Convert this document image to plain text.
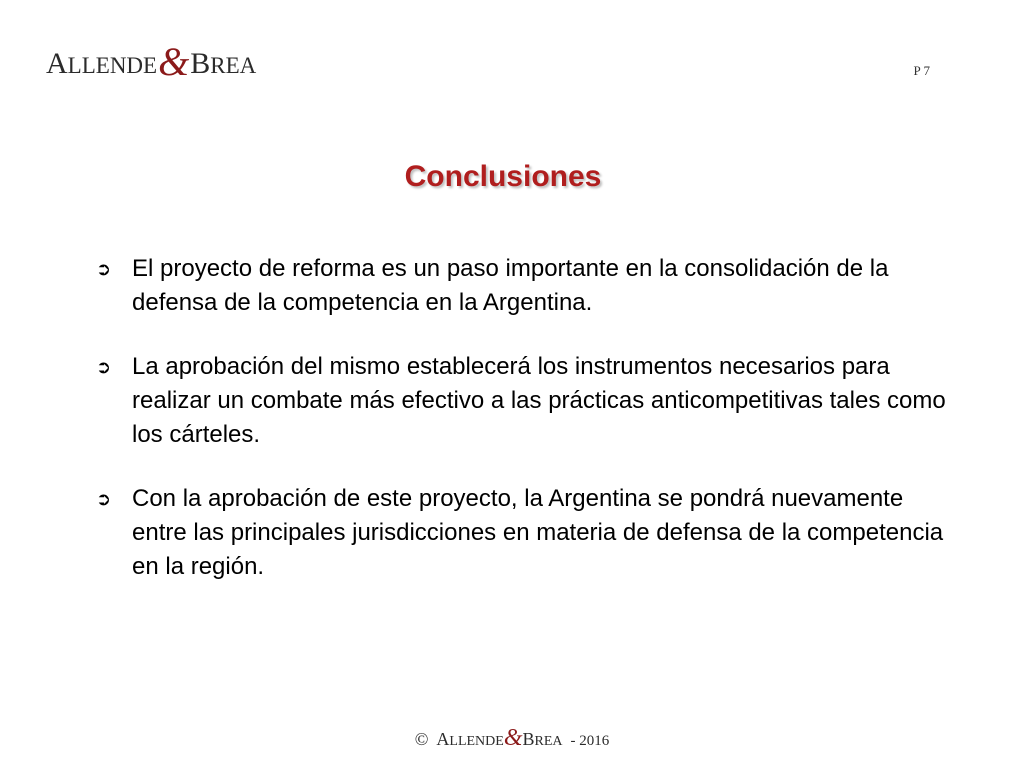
ALLENDE&BREA	P 7
Conclusiones
➲ El proyecto de reforma es un paso importante en la consolidación de la defensa de la competencia en la Argentina.
➲ La aprobación del mismo establecerá los instrumentos necesarios para realizar un combate más efectivo a las prácticas anticompetitivas tales como los cárteles.
➲ Con la aprobación de este proyecto, la Argentina se pondrá nuevamente entre las principales jurisdicciones en materia de defensa de la competencia en la región.
© ALLENDE&BREA - 2016
